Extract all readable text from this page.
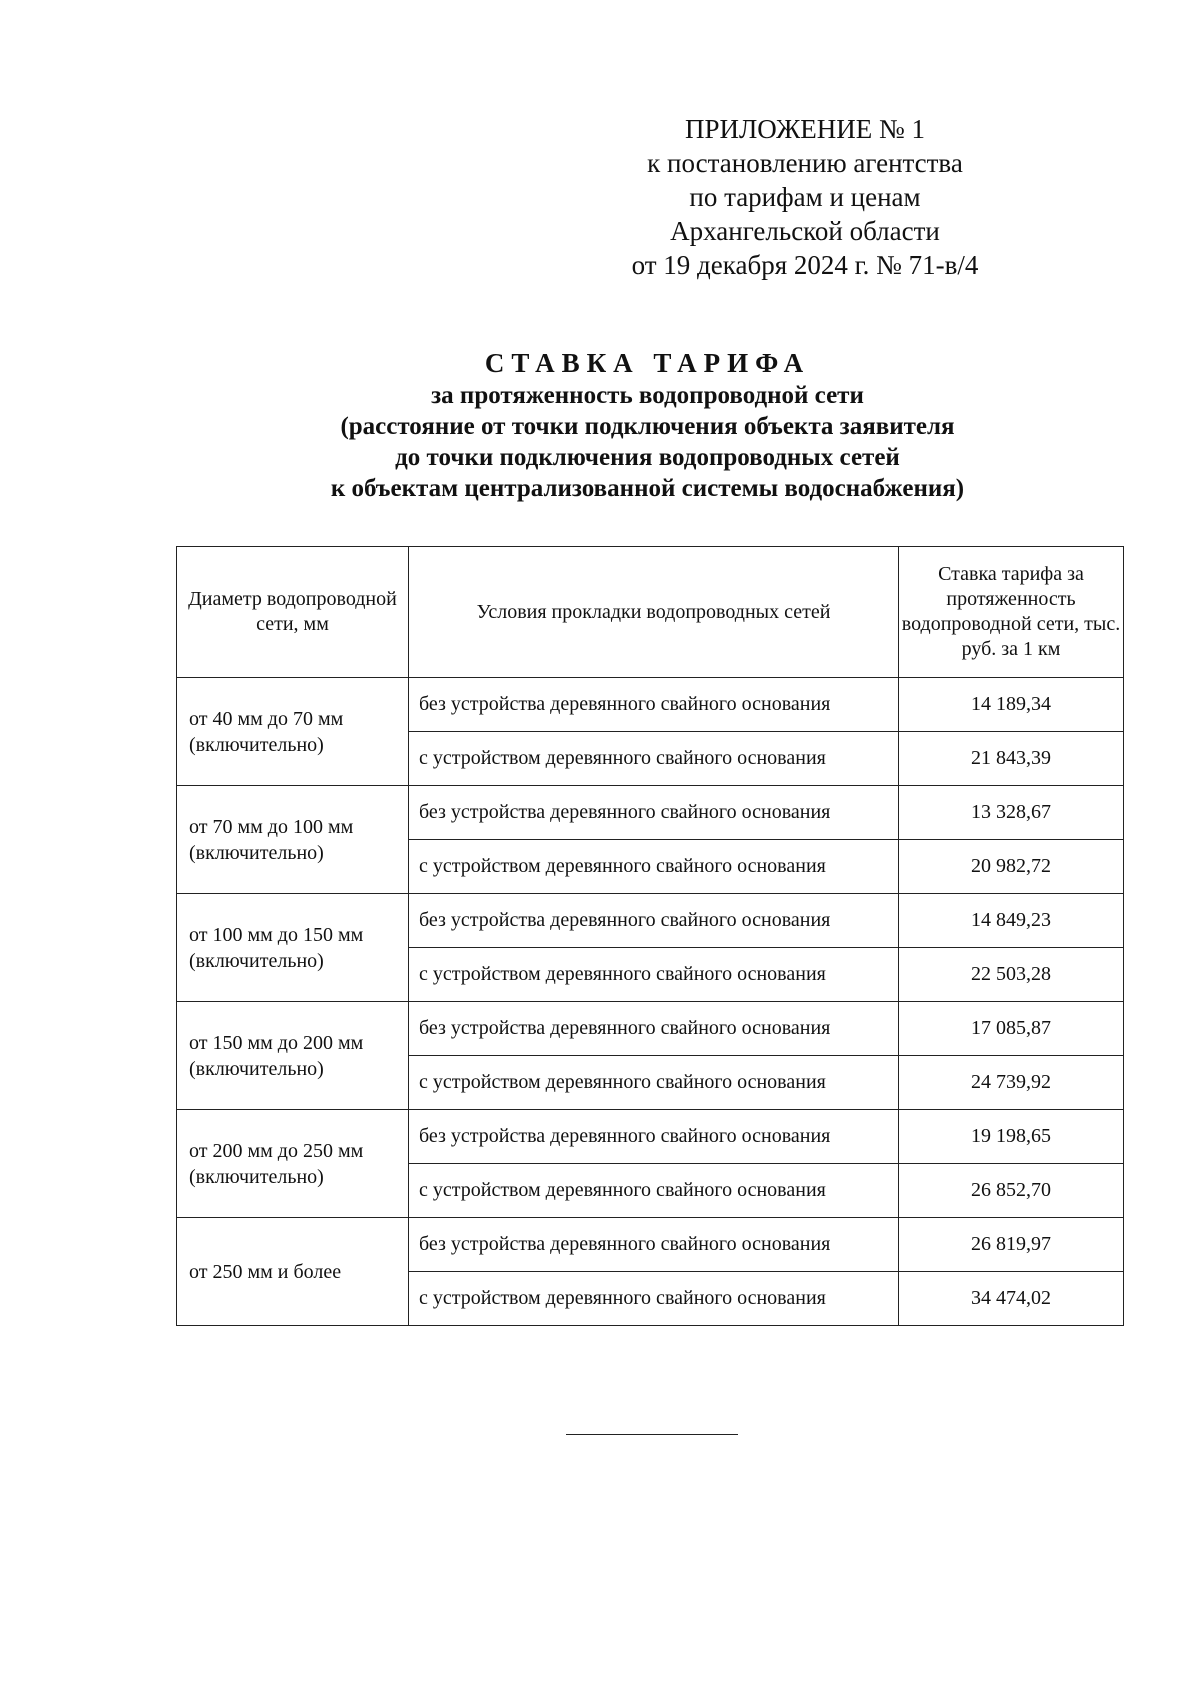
ПРИЛОЖЕНИЕ № 1
к постановлению агентства
по тарифам и ценам
Архангельской области
от 19 декабря 2024 г. № 71-в/4
СТАВКА ТАРИФА
за протяженность водопроводной сети
(расстояние от точки подключения объекта заявителя
до точки подключения водопроводных сетей
к объектам централизованной системы водоснабжения)
Диаметр водопроводной сети, мм	Условия прокладки водопроводных сетей	Ставка тарифа за протяженность водопроводной сети, тыс. руб. за 1 км
от 40 мм до 70 мм (включительно)	без устройства деревянного свайного основания	14 189,34
	с устройством деревянного свайного основания	21 843,39
от 70 мм до 100 мм (включительно)	без устройства деревянного свайного основания	13 328,67
	с устройством деревянного свайного основания	20 982,72
от 100 мм до 150 мм (включительно)	без устройства деревянного свайного основания	14 849,23
	с устройством деревянного свайного основания	22 503,28
от 150 мм до 200 мм (включительно)	без устройства деревянного свайного основания	17 085,87
	с устройством деревянного свайного основания	24 739,92
от 200 мм до 250 мм (включительно)	без устройства деревянного свайного основания	19 198,65
	с устройством деревянного свайного основания	26 852,70
от 250 мм и более	без устройства деревянного свайного основания	26 819,97
	с устройством деревянного свайного основания	34 474,02
